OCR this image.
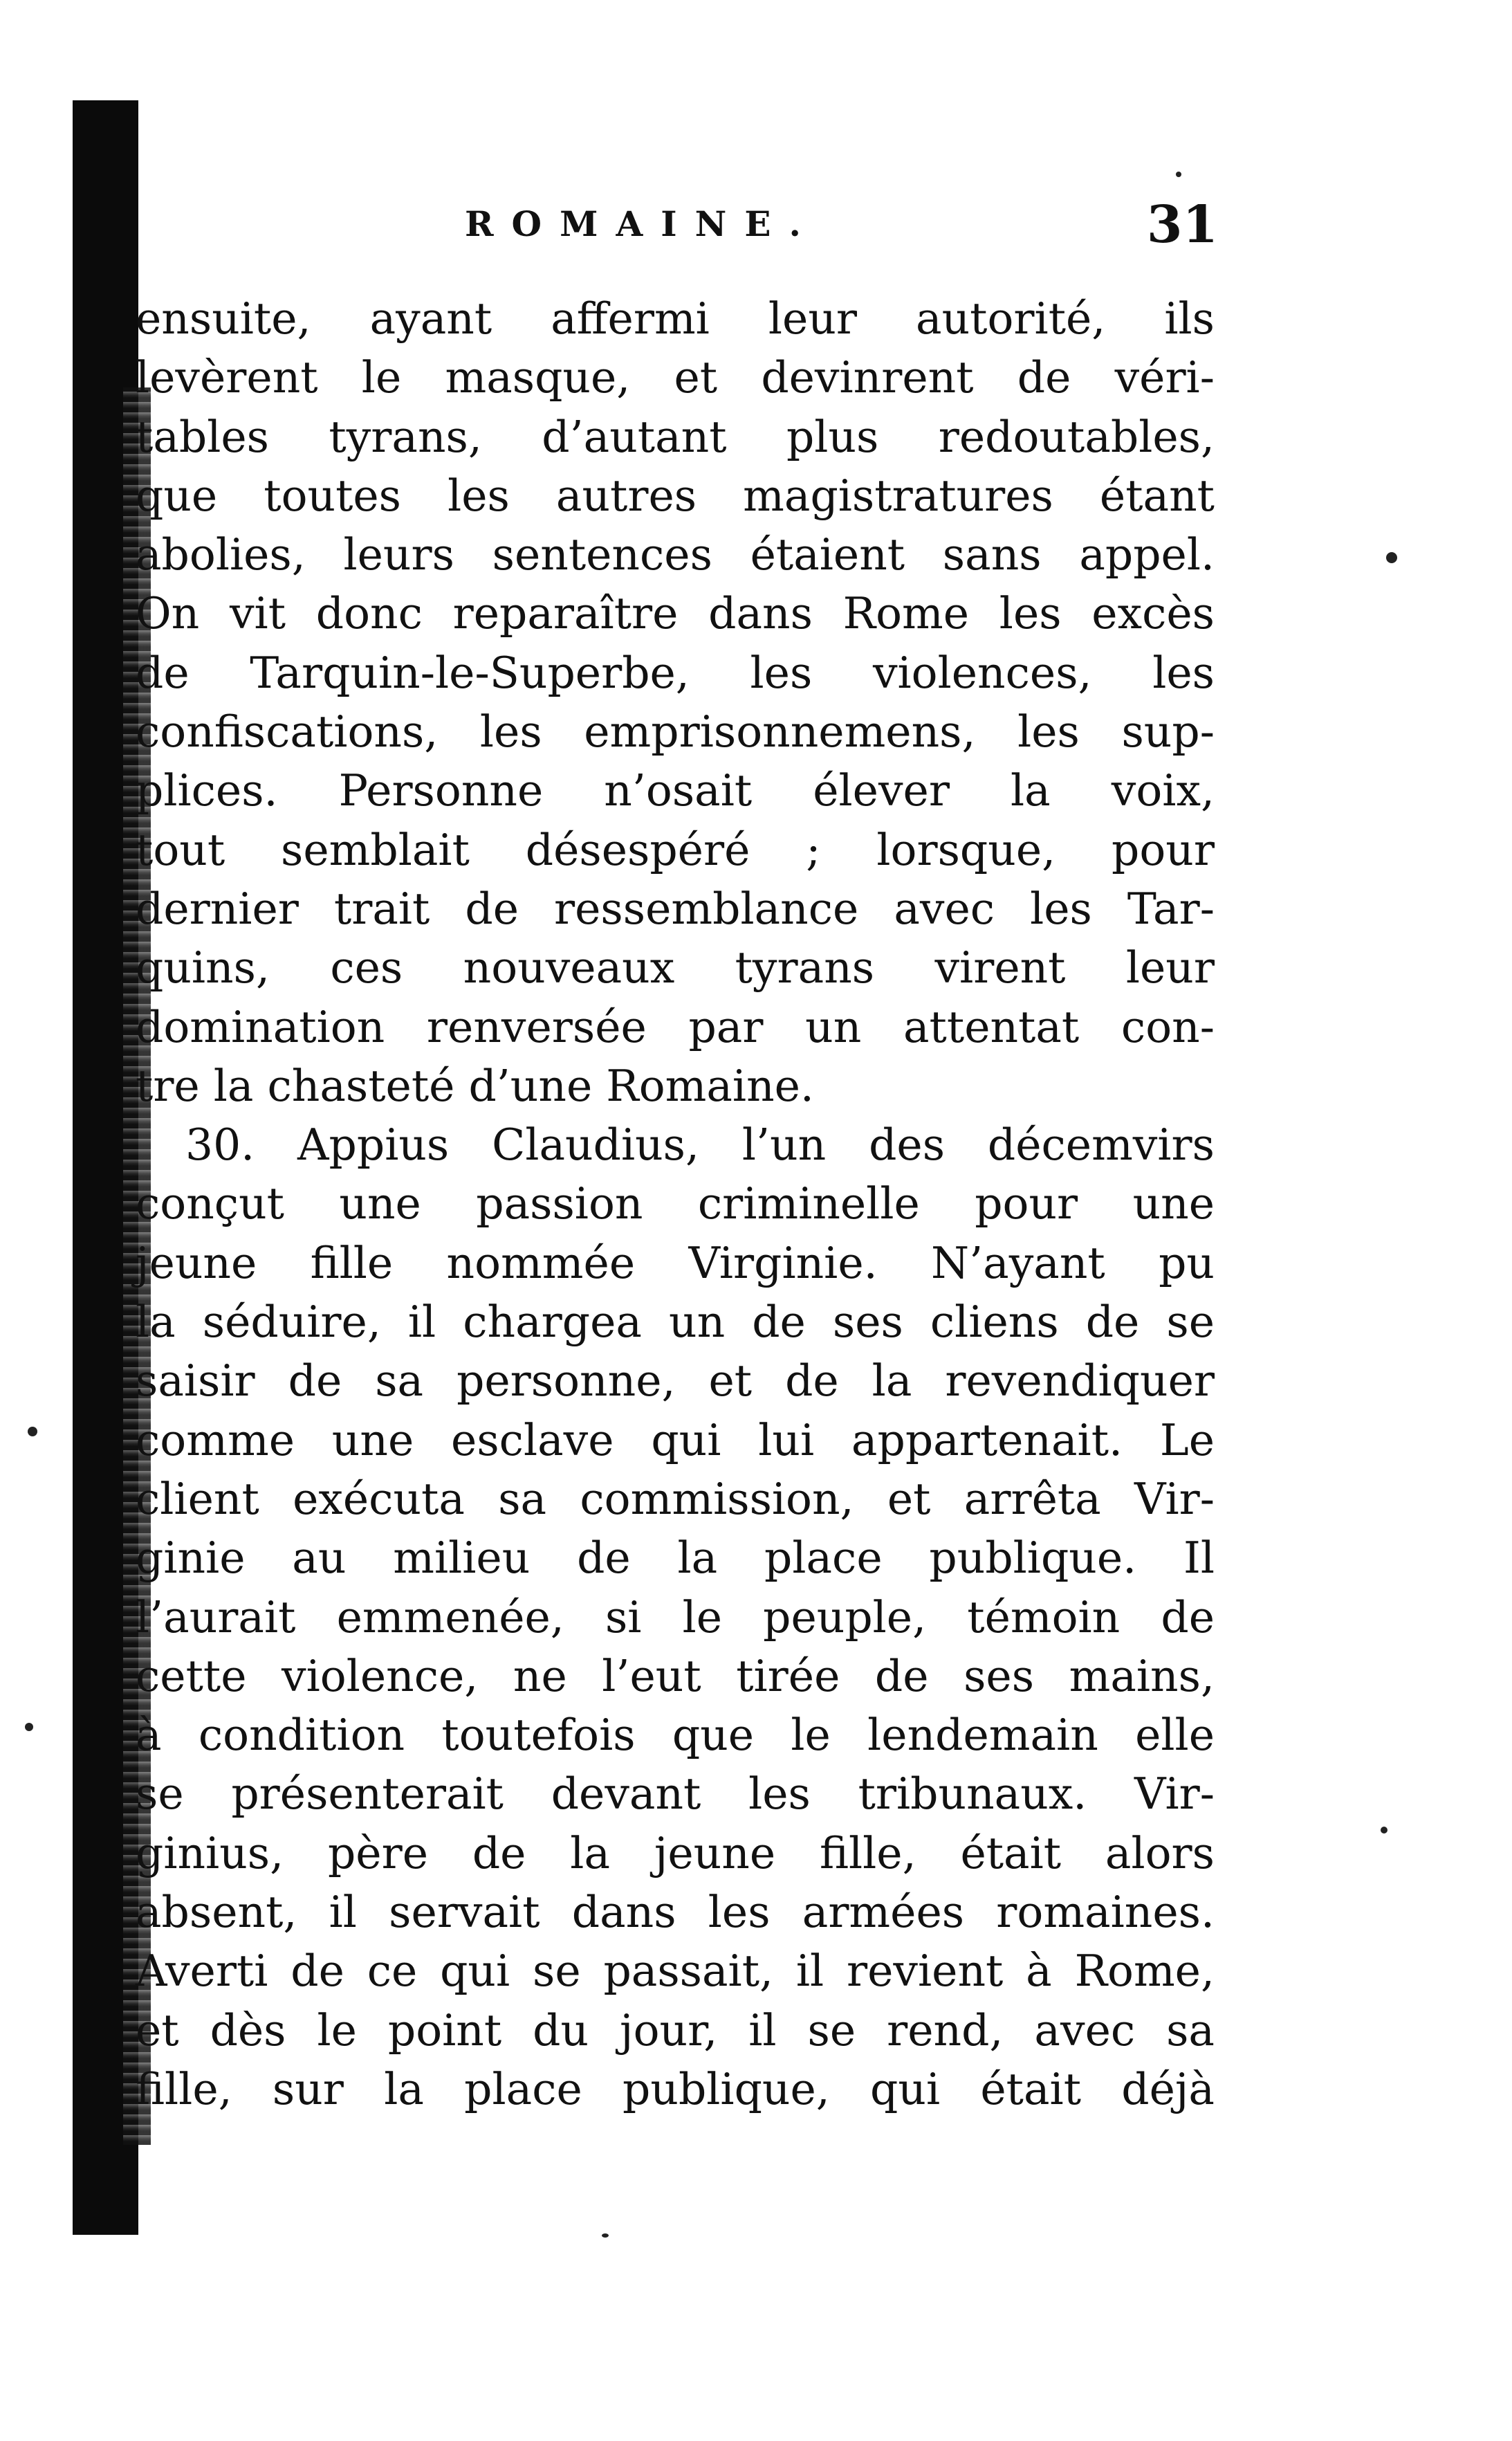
ROMAINE.	31
ensuite, ayant affermi leur autorité, ils
levèrent le masque, et devinrent de véri-
tables tyrans, d’autant plus redoutables,
que toutes les autres magistratures étant
abolies, leurs sentences étaient sans appel.
On vit donc reparaître dans Rome les excès
de Tarquin-le-Superbe, les violences, les
confiscations, les emprisonnemens, les sup-
plices. Personne n’osait élever la voix,
tout semblait désespéré ; lorsque, pour
dernier trait de ressemblance avec les Tar-
quins, ces nouveaux tyrans virent leur
domination renversée par un attentat con-
tre la chasteté d’une Romaine.
30. Appius Claudius, l’un des décemvirs
conçut une passion criminelle pour une
jeune fille nommée Virginie. N’ayant pu
la séduire, il chargea un de ses cliens de se
saisir de sa personne, et de la revendiquer
comme une esclave qui lui appartenait. Le
client exécuta sa commission, et arrêta Vir-
ginie au milieu de la place publique. Il
l’aurait emmenée, si le peuple, témoin de
cette violence, ne l’eut tirée de ses mains,
à condition toutefois que le lendemain elle
se présenterait devant les tribunaux. Vir-
ginius, père de la jeune fille, était alors
absent, il servait dans les armées romaines.
Averti de ce qui se passait, il revient à Rome,
et dès le point du jour, il se rend, avec sa
fille, sur la place publique, qui était déjà
